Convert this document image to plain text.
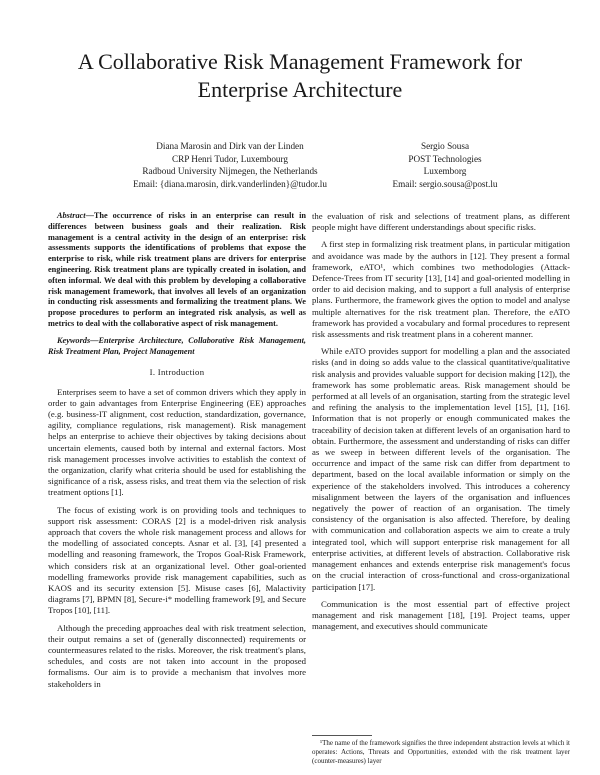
A Collaborative Risk Management Framework for
Enterprise Architecture
Diana Marosin and Dirk van der Linden
CRP Henri Tudor, Luxembourg
Radboud University Nijmegen, the Netherlands
Email: {diana.marosin, dirk.vanderlinden}@tudor.lu
Sergio Sousa
POST Technologies
Luxemborg
Email: sergio.sousa@post.lu
Abstract—The occurrence of risks in an enterprise can result in differences between business goals and their realization. Risk management is a central activity in the design of an enterprise: risk assessments supports the identifications of problems that expose the enterprise to risk, while risk treatment plans are drivers for enterprise engineering. Risk treatment plans are typically created in isolation, and often informal. We deal with this problem by developing a collaborative risk management framework, that involves all levels of an organization in conducting risk assessments and formalizing the treatment plans. We propose procedures to perform an integrated risk analysis, as well as metrics to deal with the collaborative aspect of risk management.
Keywords—Enterprise Architecture, Collaborative Risk Management, Risk Treatment Plan, Project Management
I. Introduction

Enterprises seem to have a set of common drivers which they apply in order to gain advantages from Enterprise Engineering (EE) approaches (e.g. business-IT alignment, cost reduction, standardization, governance, agility, compliance regulations, risk management). Risk management helps an enterprise to achieve their objectives by taking decisions about uncertain elements, caused both by internal and external factors. Most risk management processes involve activities to establish the context of the organization, clarify what criteria should be used for establishing the significance of a risk, assess risks, and treat them via the selection of risk treatment options [1].

The focus of existing work is on providing tools and techniques to support risk assessment: CORAS [2] is a model-driven risk analysis approach that covers the whole risk management process and allows for the modelling of associated concepts. Asnar et al. [3], [4] presented a modelling and reasoning framework, the Tropos Goal-Risk Framework, which considers risk at an organizational level. Other goal-oriented modelling frameworks provide risk management capabilities, such as KAOS and its security extension [5]. Misuse cases [6], Malactivity diagrams [7], BPMN [8], Secure-i* modelling framework [9], and Secure Tropos [10], [11].

Although the preceding approaches deal with risk treatment selection, their output remains a set of (generally disconnected) requirements or countermeasures related to the risks. Moreover, the risk treatment's plans, schedules, and costs are not taken into account in the proposed formalisms. Our aim is to provide a mechanism that involves more stakeholders in

the evaluation of risk and selections of treatment plans, as different people might have different understandings about specific risks.

A first step in formalizing risk treatment plans, in particular mitigation and avoidance was made by the authors in [12]. They present a formal framework, eATO¹, which combines two methodologies (Attack-Defence-Trees from IT security [13], [14] and goal-oriented modelling in order to aid decision making, and to support a full analysis of enterprise plans. Furthermore, the framework gives the option to model and analyse multiple alternatives for the risk treatment plan. Therefore, the eATO framework has provided a vocabulary and formal procedures to represent risk assessments and risk treatment plans in a coherent manner.

While eATO provides support for modelling a plan and the associated risks (and in doing so adds value to the classical quantitative/qualitative risk analysis and provides valuable support for decision making [12]), the framework has some problematic areas. Risk management should be performed at all levels of an organisation, starting from the strategic level and refining the analysis to the implementation level [15], [1], [16]. Information that is not properly or enough communicated makes the traceability of decision taken at different levels of an organisation hard to obtain. Furthermore, the assessment and understanding of risks can differ as we sweep in between different levels of the organisation. The occurrence and impact of the same risk can differ from department to department, based on the local available information or simply on the experience of the stakeholders involved. This introduces a coherency misalignment between the layers of the organisation and influences negatively the power of reaction of an organisation. The timely consistency of the organisation is also affected. Therefore, by dealing with communication and collaboration aspects we aim to create a truly integrated tool, which will support enterprise risk management for all enterprise activities, at different levels of abstraction. Collaborative risk management enhances and extends enterprise risk management's focus on the crucial interaction of cross-functional and cross-organizational participation [17].

Communication is the most essential part of effective project management and risk management [18], [19]. Project teams, upper management, and executives should communicate

¹The name of the framework signifies the three independent abstraction levels at which it operates: Actions, Threats and Opportunities, extended with the risk treatment layer (counter-measures) layer
